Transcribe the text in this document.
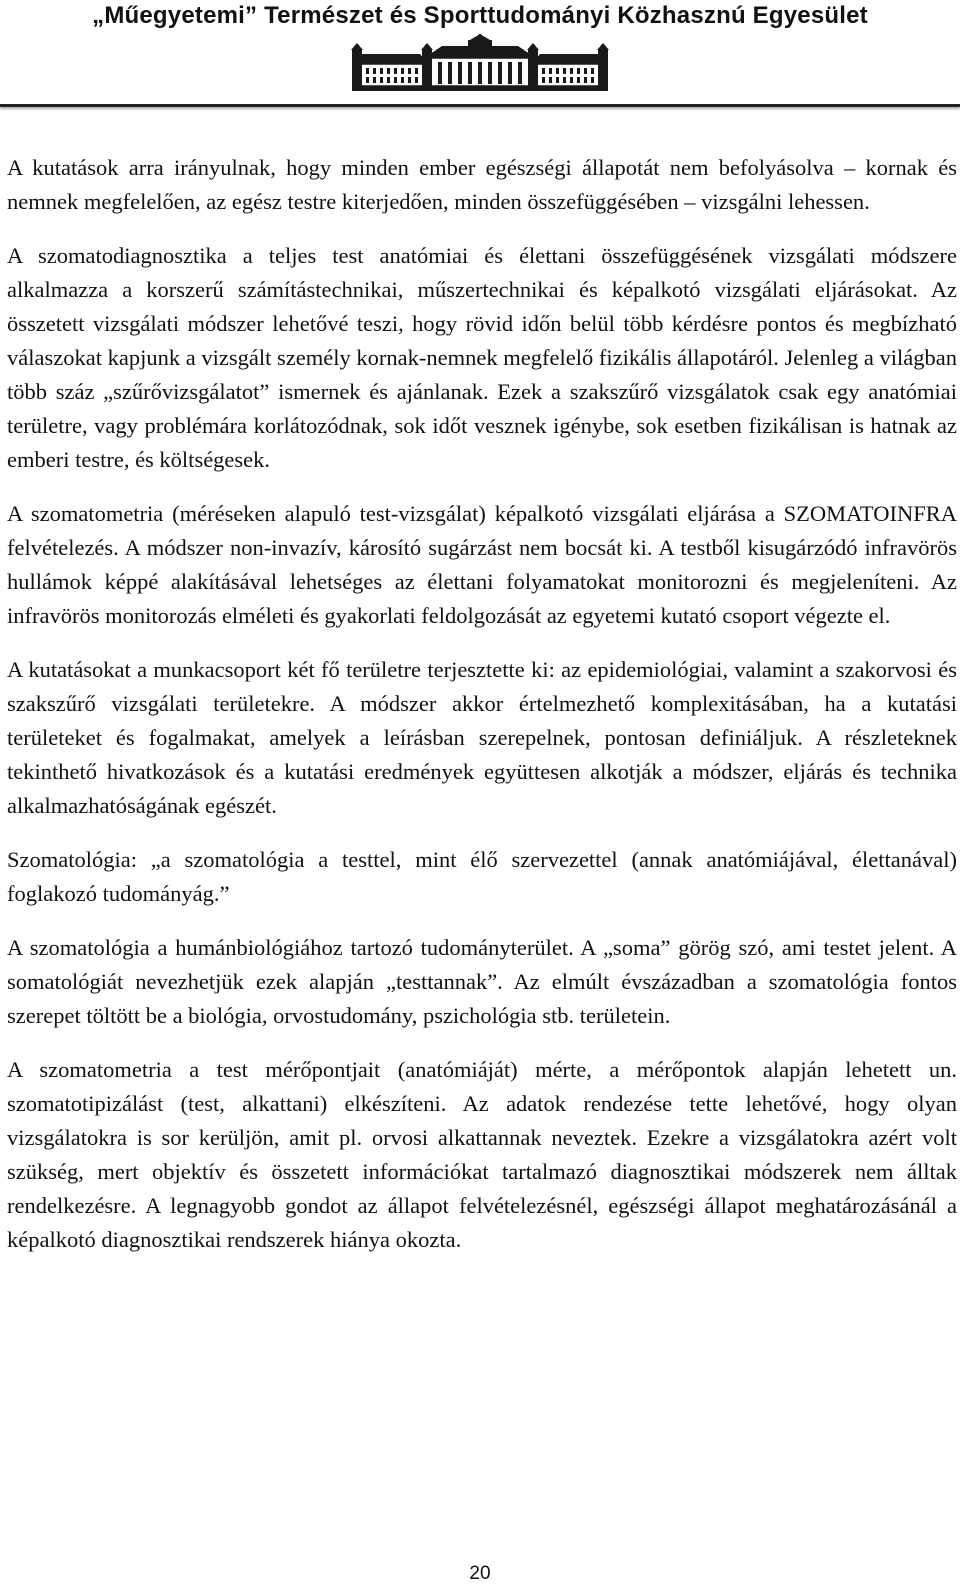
„Műegyetemi” Természet és Sporttudományi Közhasznú Egyesület

A kutatások arra irányulnak, hogy minden ember egészségi állapotát nem befolyásolva – kornak és nemnek megfelelően, az egész testre kiterjedően, minden összefüggésében – vizsgálni lehessen.

A szomatodiagnosztika a teljes test anatómiai és élettani összefüggésének vizsgálati módszere alkalmazza a korszerű számítástechnikai, műszertechnikai és képalkotó vizsgálati eljárásokat. Az összetett vizsgálati módszer lehetővé teszi, hogy rövid időn belül több kérdésre pontos és megbízható válaszokat kapjunk a vizsgált személy kornak-nemnek megfelelő fizikális állapotáról. Jelenleg a világban több száz „szűrővizsgálatot” ismernek és ajánlanak. Ezek a szakszűrő vizsgálatok csak egy anatómiai területre, vagy problémára korlátozódnak, sok időt vesznek igénybe, sok esetben fizikálisan is hatnak az emberi testre, és költségesek.

A szomatometria (méréseken alapuló test-vizsgálat) képalkotó vizsgálati eljárása a SZOMATOINFRA felvételezés. A módszer non-invazív, károsító sugárzást nem bocsát ki. A testből kisugárzódó infravörös hullámok képpé alakításával lehetséges az élettani folyamatokat monitorozni és megjeleníteni. Az infravörös monitorozás elméleti és gyakorlati feldolgozását az egyetemi kutató csoport végezte el.

A kutatásokat a munkacsoport két fő területre terjesztette ki: az epidemiológiai, valamint a szakorvosi és szakszűrő vizsgálati területekre. A módszer akkor értelmezhető komplexitásában, ha a kutatási területeket és fogalmakat, amelyek a leírásban szerepelnek, pontosan definiáljuk. A részleteknek tekinthető hivatkozások és a kutatási eredmények együttesen alkotják a módszer, eljárás és technika alkalmazhatóságának egészét.

Szomatológia: „a szomatológia a testtel, mint élő szervezettel (annak anatómiájával, élettanával) foglakozó tudományág.”

A szomatológia a humánbiológiához tartozó tudományterület. A „soma” görög szó, ami testet jelent. A somatológiát nevezhetjük ezek alapján „testtannak”. Az elmúlt évszázadban a szomatológia fontos szerepet töltött be a biológia, orvostudomány, pszichológia stb. területein.

A szomatometria a test mérőpontjait (anatómiáját) mérte, a mérőpontok alapján lehetett un. szomatotipizálást (test, alkattani) elkészíteni. Az adatok rendezése tette lehetővé, hogy olyan vizsgálatokra is sor kerüljön, amit pl. orvosi alkattannak neveztek. Ezekre a vizsgálatokra azért volt szükség, mert objektív és összetett információkat tartalmazó diagnosztikai módszerek nem álltak rendelkezésre. A legnagyobb gondot az állapot felvételezésnél, egészségi állapot meghatározásánál a képalkotó diagnosztikai rendszerek hiánya okozta.

20
